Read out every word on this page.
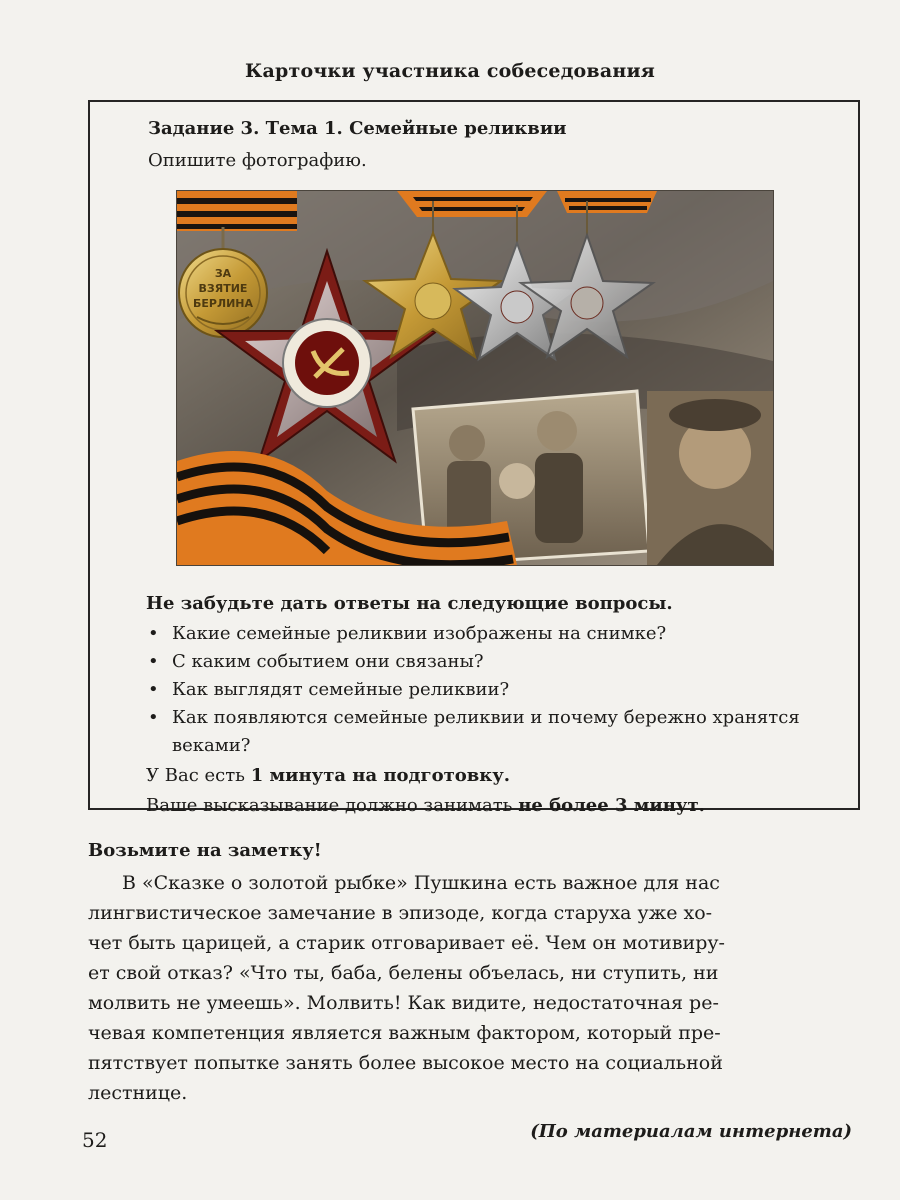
Карточки участника собеседования
Задание 3. Тема 1. Семейные реликвии
Опишите фотографию.
ЗА
ВЗЯТИЕ
БЕРЛИНА
Не забудьте дать ответы на следующие вопросы.
• Какие семейные реликвии изображены на снимке?
• С каким событием они связаны?
• Как выглядят семейные реликвии?
• Как появляются семейные реликвии и почему бережно хранятся веками?
У Вас есть 1 минута на подготовку.
Ваше высказывание должно занимать не более 3 минут.
Возьмите на заметку!
В «Сказке о золотой рыбке» Пушкина есть важное для нас
лингвистическое замечание в эпизоде, когда старуха уже хо-
чет быть царицей, а старик отговаривает её. Чем он мотивиру-
ет свой отказ? «Что ты, баба, белены объелась, ни ступить, ни
молвить не умеешь». Молвить! Как видите, недостаточная ре-
чевая компетенция является важным фактором, который пре-
пятствует попытке занять более высокое место на социальной
лестнице.
(По материалам интернета)
52
